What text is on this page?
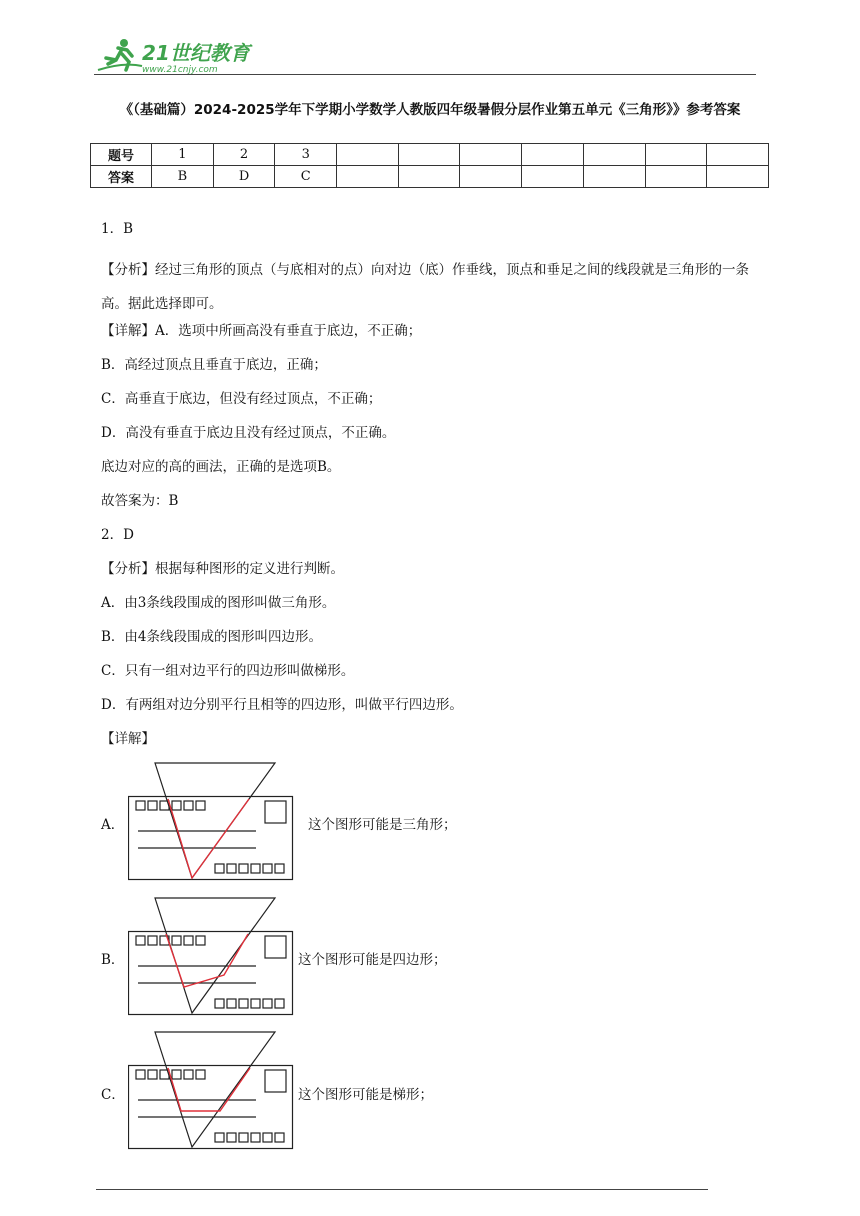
21世纪教育
www.21cnjy.com
《（基础篇）2024-2025学年下学期小学数学人教版四年级暑假分层作业第五单元《三角形》》参考答案
题号	1	2	3							
答案	B	D	C							
1．B
【分析】经过三角形的顶点（与底相对的点）向对边（底）作垂线，顶点和垂足之间的线段就是三角形的一条高。据此选择即可。
【详解】A．选项中所画高没有垂直于底边，不正确；
B．高经过顶点且垂直于底边，正确；
C．高垂直于底边，但没有经过顶点，不正确；
D．高没有垂直于底边且没有经过顶点，不正确。
底边对应的高的画法，正确的是选项B。
故答案为：B
2．D
【分析】根据每种图形的定义进行判断。
A．由3条线段围成的图形叫做三角形。
B．由4条线段围成的图形叫四边形。
C．只有一组对边平行的四边形叫做梯形。
D．有两组对边分别平行且相等的四边形，叫做平行四边形。
【详解】
A．	这个图形可能是三角形；
B．	这个图形可能是四边形；
C．	这个图形可能是梯形；
